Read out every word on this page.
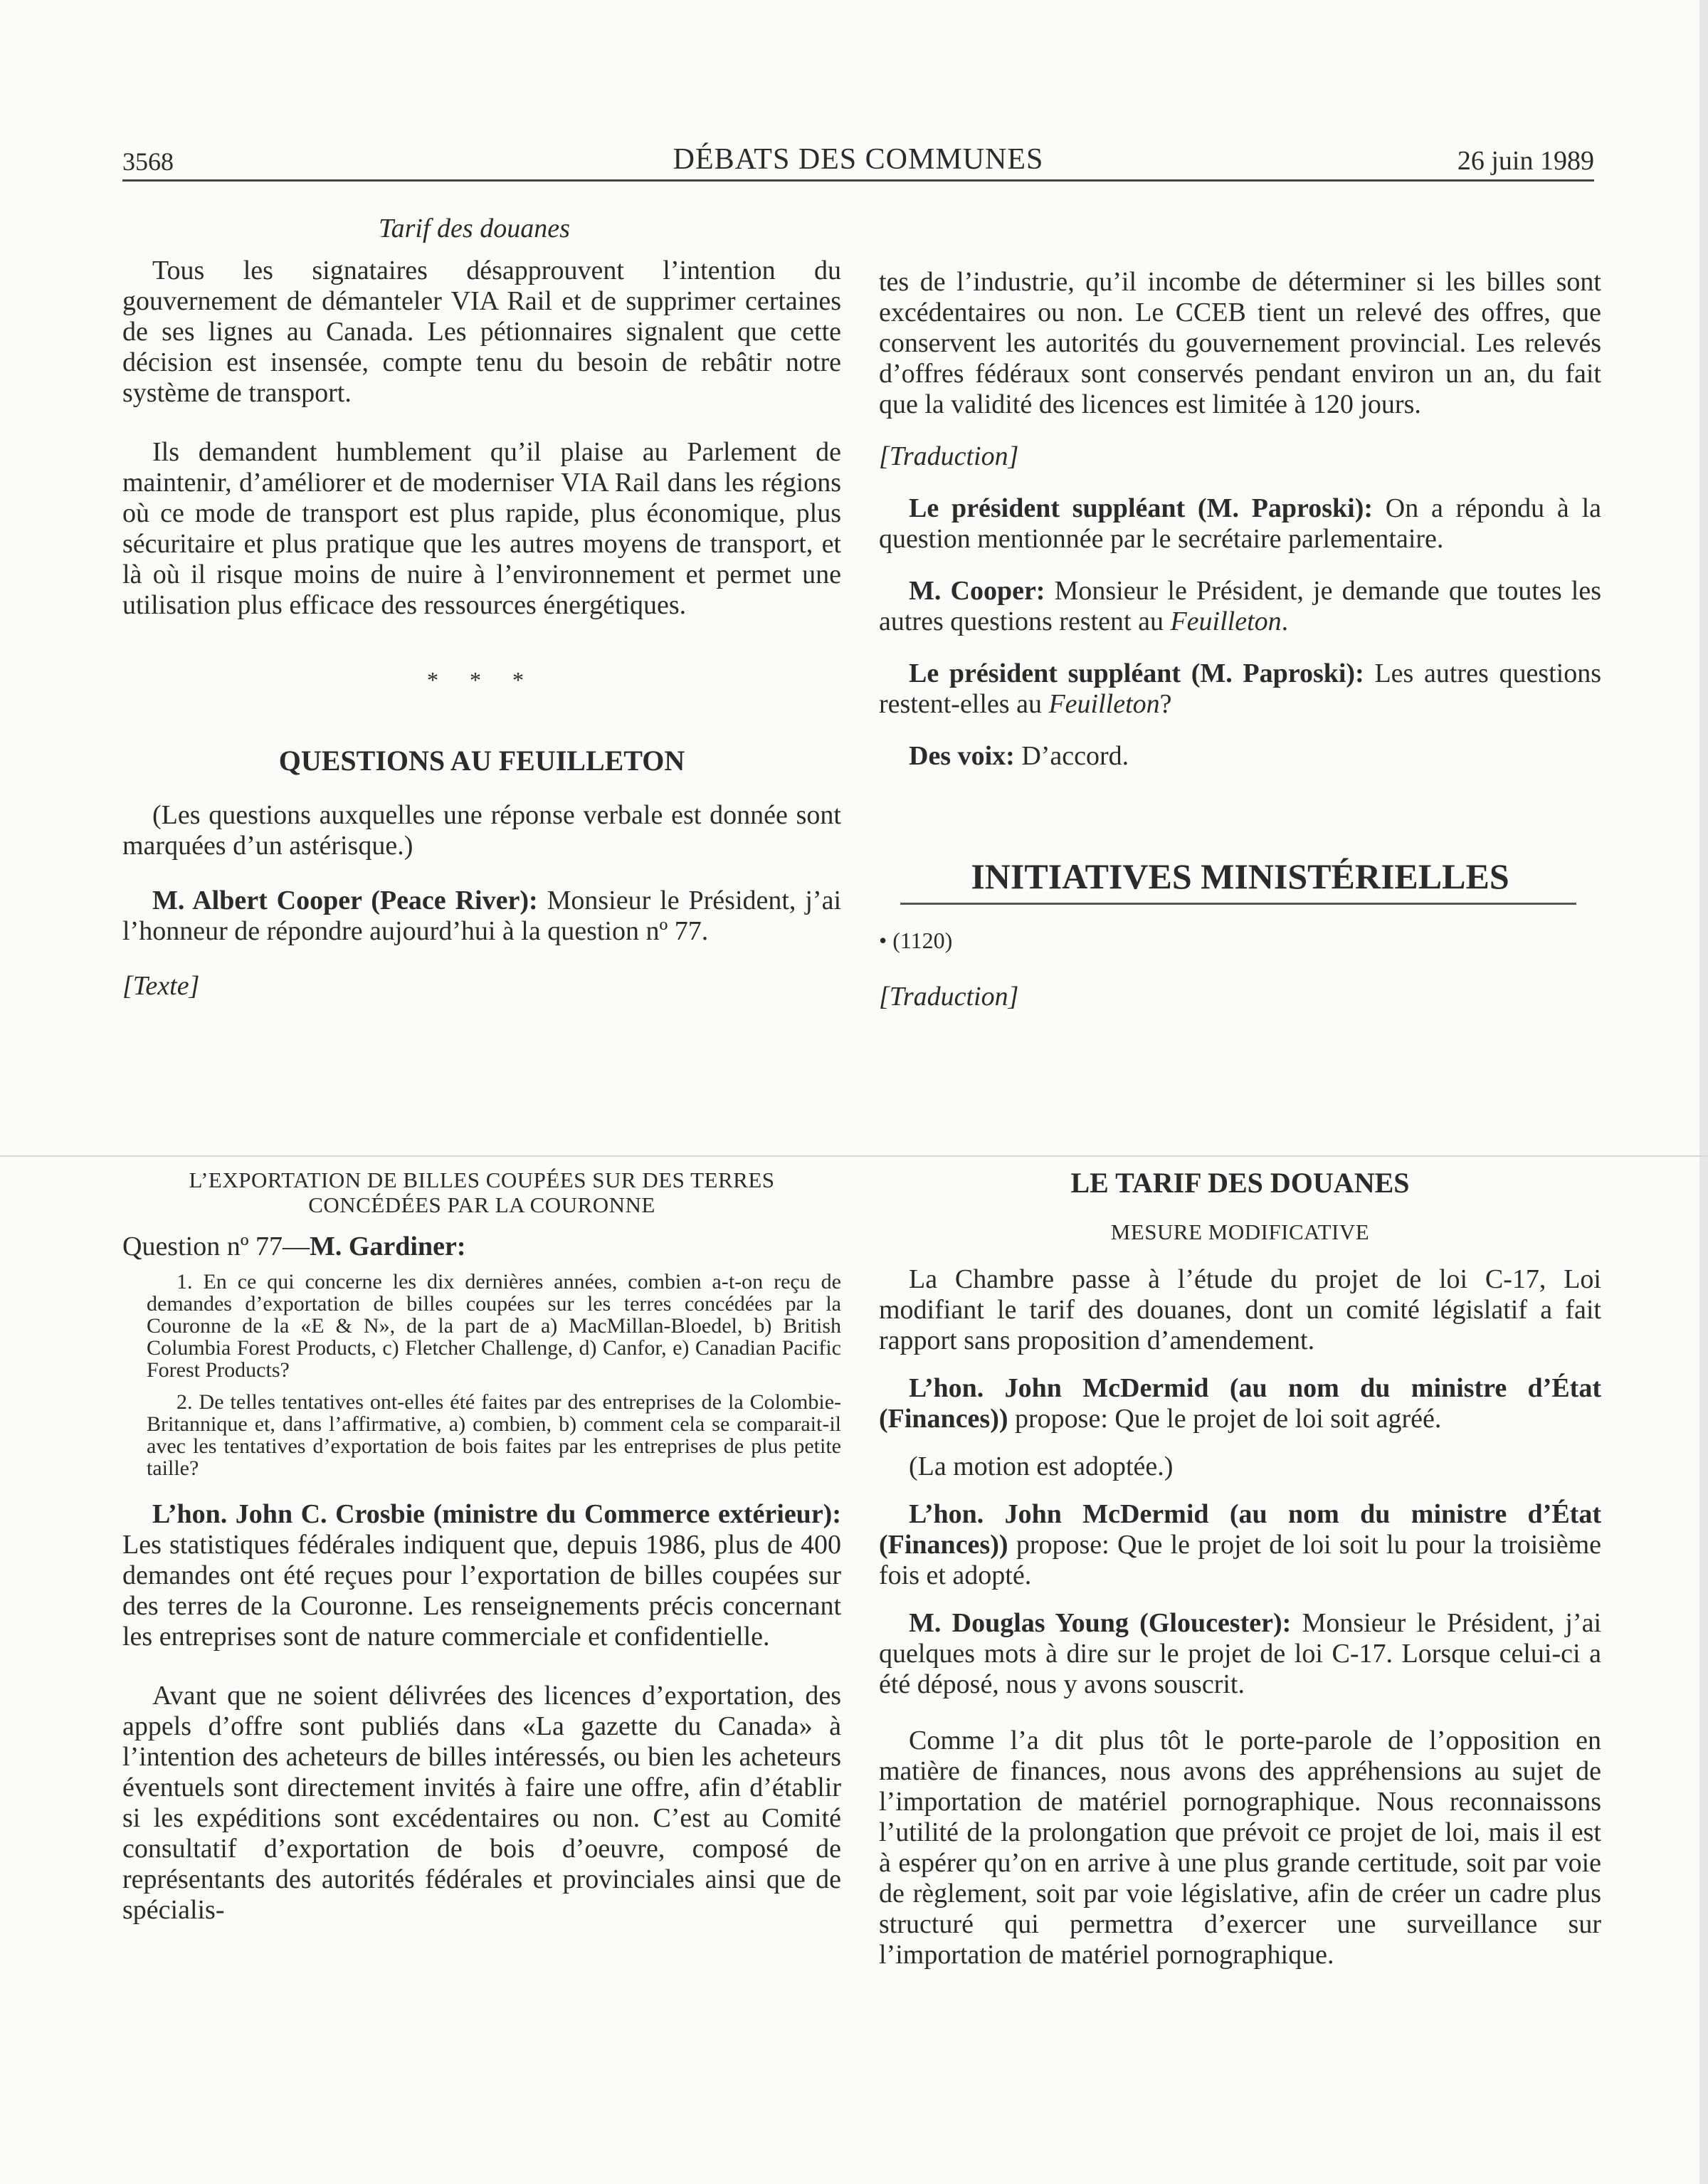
3568	DÉBATS DES COMMUNES	26 juin 1989

Tarif des douanes

Tous les signataires désapprouvent l’intention du gouvernement de démanteler VIA Rail et de supprimer certaines de ses lignes au Canada. Les pétionnaires signalent que cette décision est insensée, compte tenu du besoin de rebâtir notre système de transport.

Ils demandent humblement qu’il plaise au Parlement de maintenir, d’améliorer et de moderniser VIA Rail dans les régions où ce mode de transport est plus rapide, plus économique, plus sécuritaire et plus pratique que les autres moyens de transport, et là où il risque moins de nuire à l’environnement et permet une utilisation plus efficace des ressources énergétiques.

* * *

QUESTIONS AU FEUILLETON

(Les questions auxquelles une réponse verbale est donnée sont marquées d’un astérisque.)

M. Albert Cooper (Peace River): Monsieur le Président, j’ai l’honneur de répondre aujourd’hui à la question nº 77.

[Texte]

tes de l’industrie, qu’il incombe de déterminer si les billes sont excédentaires ou non. Le CCEB tient un relevé des offres, que conservent les autorités du gouvernement provincial. Les relevés d’offres fédéraux sont conservés pendant environ un an, du fait que la validité des licences est limitée à 120 jours.

[Traduction]

Le président suppléant (M. Paproski): On a répondu à la question mentionnée par le secrétaire parlementaire.

M. Cooper: Monsieur le Président, je demande que toutes les autres questions restent au Feuilleton.

Le président suppléant (M. Paproski): Les autres questions restent-elles au Feuilleton?

Des voix: D’accord.

INITIATIVES MINISTÉRIELLES

• (1120)

[Traduction]

L’EXPORTATION DE BILLES COUPÉES SUR DES TERRES CONCÉDÉES PAR LA COURONNE

Question nº 77—M. Gardiner:

1. En ce qui concerne les dix dernières années, combien a-t-on reçu de demandes d’exportation de billes coupées sur les terres concédées par la Couronne de la «E & N», de la part de a) MacMillan-Bloedel, b) British Columbia Forest Products, c) Fletcher Challenge, d) Canfor, e) Canadian Pacific Forest Products?

2. De telles tentatives ont-elles été faites par des entreprises de la Colombie-Britannique et, dans l’affirmative, a) combien, b) comment cela se comparait-il avec les tentatives d’exportation de bois faites par les entreprises de plus petite taille?

L’hon. John C. Crosbie (ministre du Commerce extérieur): Les statistiques fédérales indiquent que, depuis 1986, plus de 400 demandes ont été reçues pour l’exportation de billes coupées sur des terres de la Couronne. Les renseignements précis concernant les entreprises sont de nature commerciale et confidentielle.

Avant que ne soient délivrées des licences d’exportation, des appels d’offre sont publiés dans «La gazette du Canada» à l’intention des acheteurs de billes intéressés, ou bien les acheteurs éventuels sont directement invités à faire une offre, afin d’établir si les expéditions sont excédentaires ou non. C’est au Comité consultatif d’exportation de bois d’oeuvre, composé de représentants des autorités fédérales et provinciales ainsi que de spécialis-

LE TARIF DES DOUANES

MESURE MODIFICATIVE

La Chambre passe à l’étude du projet de loi C-17, Loi modifiant le tarif des douanes, dont un comité législatif a fait rapport sans proposition d’amendement.

L’hon. John McDermid (au nom du ministre d’État (Finances)) propose: Que le projet de loi soit agréé.

(La motion est adoptée.)

L’hon. John McDermid (au nom du ministre d’État (Finances)) propose: Que le projet de loi soit lu pour la troisième fois et adopté.

M. Douglas Young (Gloucester): Monsieur le Président, j’ai quelques mots à dire sur le projet de loi C-17. Lorsque celui-ci a été déposé, nous y avons souscrit.

Comme l’a dit plus tôt le porte-parole de l’opposition en matière de finances, nous avons des appréhensions au sujet de l’importation de matériel pornographique. Nous reconnaissons l’utilité de la prolongation que prévoit ce projet de loi, mais il est à espérer qu’on en arrive à une plus grande certitude, soit par voie de règlement, soit par voie législative, afin de créer un cadre plus structuré qui permettra d’exercer une surveillance sur l’importation de matériel pornographique.
